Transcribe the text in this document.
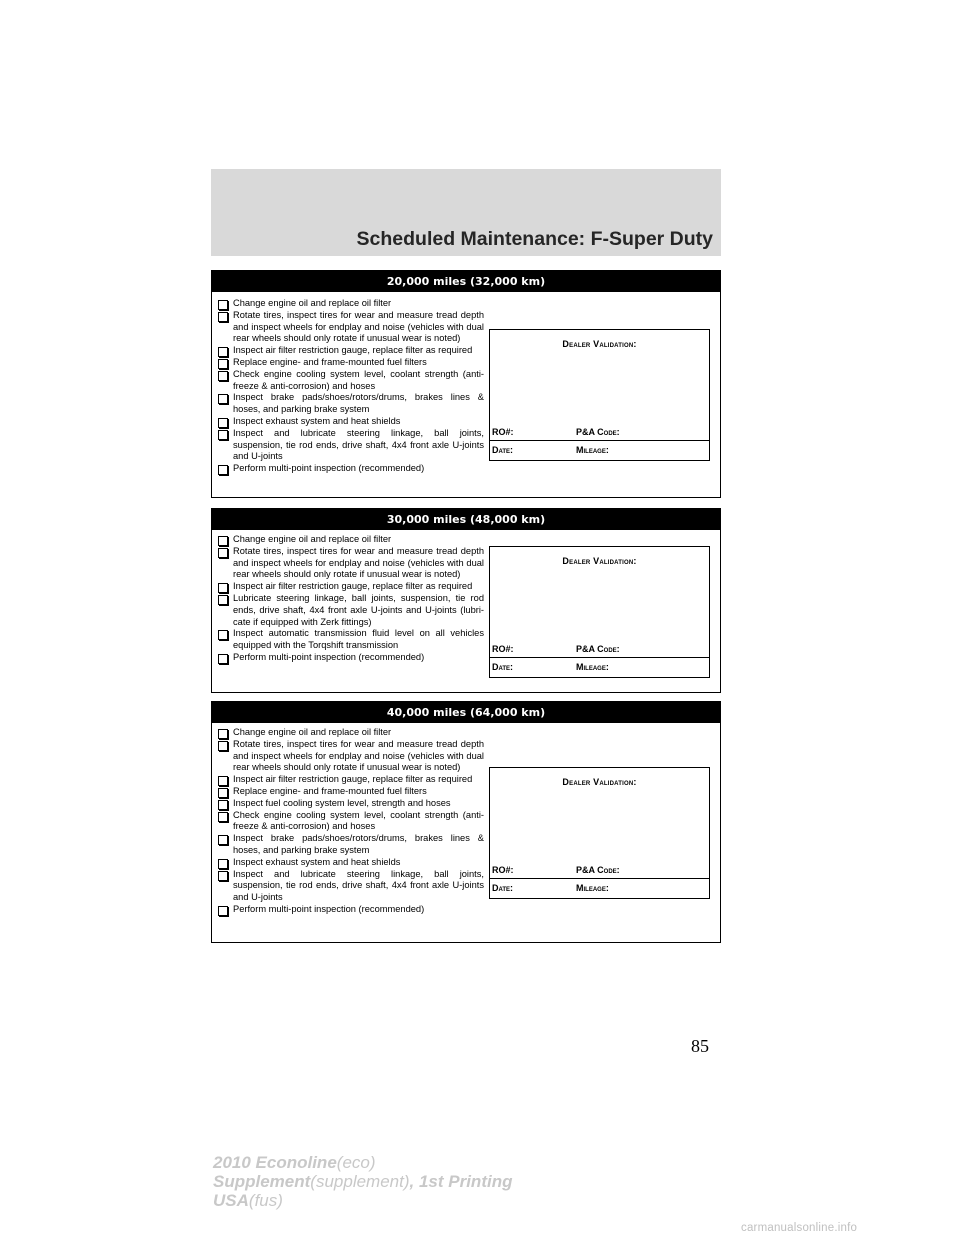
Scheduled Maintenance: F-Super Duty
20,000 miles (32,000 km)
Change engine oil and replace oil filter
Rotate tires, inspect tires for wear and measure tread depth and inspect wheels for endplay and noise (vehicles with dual rear wheels should only rotate if unusual wear is noted)
Inspect air filter restriction gauge, replace filter as required
Replace engine- and frame-mounted fuel filters
Check engine cooling system level, coolant strength (anti-freeze & anti-corrosion) and hoses
Inspect brake pads/shoes/rotors/drums, brakes lines & hoses, and parking brake system
Inspect exhaust system and heat shields
Inspect and lubricate steering linkage, ball joints, suspension, tie rod ends, drive shaft, 4x4 front axle U-joints and U-joints
Perform multi-point inspection (recommended)
Dealer Validation:
RO#:	P&A Code:
Date:	Mileage:
30,000 miles (48,000 km)
Change engine oil and replace oil filter
Rotate tires, inspect tires for wear and measure tread depth and inspect wheels for endplay and noise (vehicles with dual rear wheels should only rotate if unusual wear is noted)
Inspect air filter restriction gauge, replace filter as required
Lubricate steering linkage, ball joints, suspension, tie rod ends, drive shaft, 4x4 front axle U-joints and U-joints (lubri-cate if equipped with Zerk fittings)
Inspect automatic transmission fluid level on all vehicles equipped with the Torqshift transmission
Perform multi-point inspection (recommended)
Dealer Validation:
RO#:	P&A Code:
Date:	Mileage:
40,000 miles (64,000 km)
Change engine oil and replace oil filter
Rotate tires, inspect tires for wear and measure tread depth and inspect wheels for endplay and noise (vehicles with dual rear wheels should only rotate if unusual wear is noted)
Inspect air filter restriction gauge, replace filter as required
Replace engine- and frame-mounted fuel filters
Inspect fuel cooling system level, strength and hoses
Check engine cooling system level, coolant strength (anti-freeze & anti-corrosion) and hoses
Inspect brake pads/shoes/rotors/drums, brakes lines & hoses, and parking brake system
Inspect exhaust system and heat shields
Inspect and lubricate steering linkage, ball joints, suspension, tie rod ends, drive shaft, 4x4 front axle U-joints and U-joints
Perform multi-point inspection (recommended)
Dealer Validation:
RO#:	P&A Code:
Date:	Mileage:
85
2010 Econoline(eco)
Supplement(supplement), 1st Printing
USA(fus)
carmanualsonline.info
